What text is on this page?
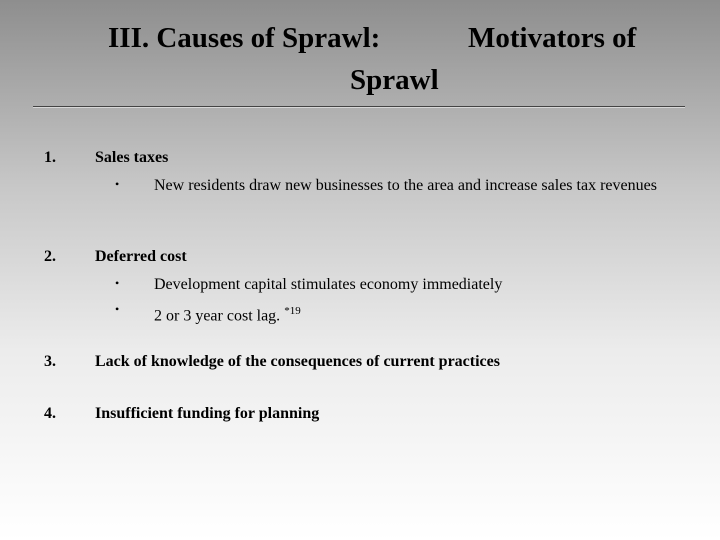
III. Causes of Sprawl:	Motivators of
Sprawl
1. Sales taxes
• New residents draw new businesses to the area and increase sales tax revenues
2. Deferred cost
• Development capital stimulates economy immediately
• 2 or 3 year cost lag. $^{*19}$
3. Lack of knowledge of the consequences of current practices
4. Insufficient funding for planning
